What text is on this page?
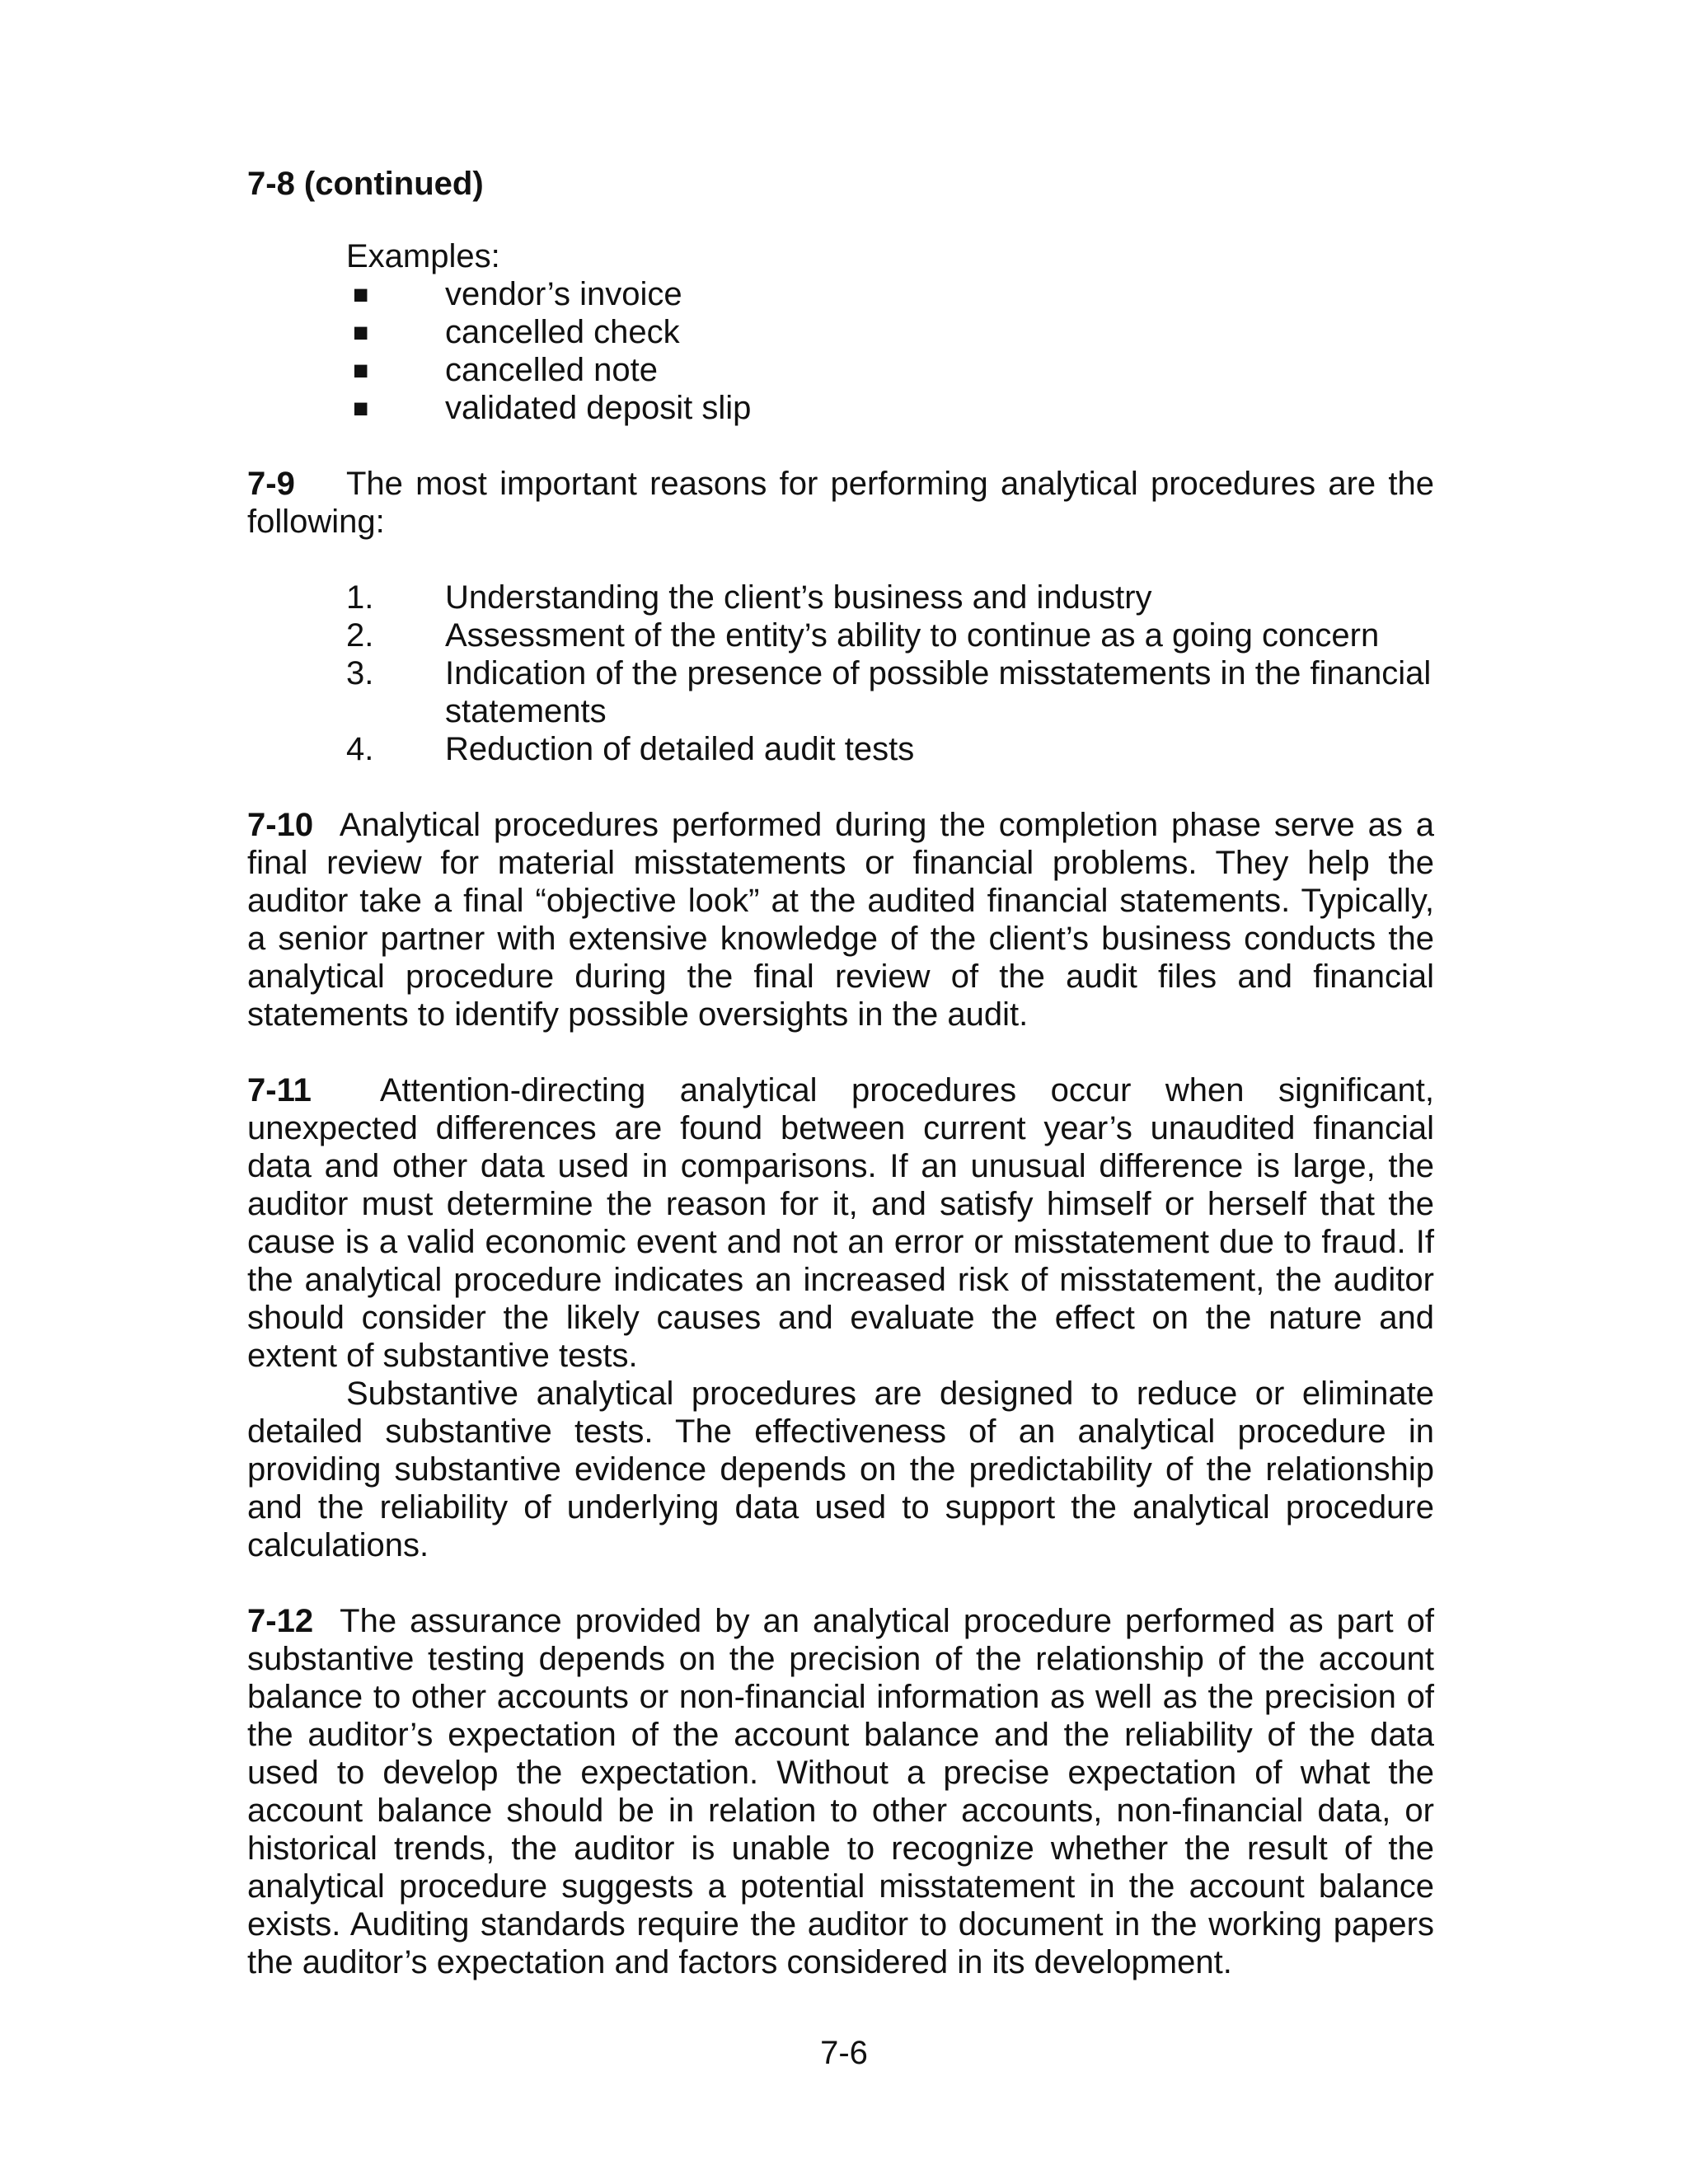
7-8 (continued)
Examples:
■ vendor’s invoice
■ cancelled check
■ cancelled note
■ validated deposit slip

7-9 The most important reasons for performing analytical procedures are the following:

1. Understanding the client’s business and industry
2. Assessment of the entity’s ability to continue as a going concern
3. Indication of the presence of possible misstatements in the financial statements
4. Reduction of detailed audit tests

7-10 Analytical procedures performed during the completion phase serve as a final review for material misstatements or financial problems. They help the auditor take a final “objective look” at the audited financial statements. Typically, a senior partner with extensive knowledge of the client’s business conducts the analytical procedure during the final review of the audit files and financial statements to identify possible oversights in the audit.

7-11 Attention-directing analytical procedures occur when significant, unexpected differences are found between current year’s unaudited financial data and other data used in comparisons. If an unusual difference is large, the auditor must determine the reason for it, and satisfy himself or herself that the cause is a valid economic event and not an error or misstatement due to fraud. If the analytical procedure indicates an increased risk of misstatement, the auditor should consider the likely causes and evaluate the effect on the nature and extent of substantive tests.

Substantive analytical procedures are designed to reduce or eliminate detailed substantive tests. The effectiveness of an analytical procedure in providing substantive evidence depends on the predictability of the relationship and the reliability of underlying data used to support the analytical procedure calculations.

7-12 The assurance provided by an analytical procedure performed as part of substantive testing depends on the precision of the relationship of the account balance to other accounts or non-financial information as well as the precision of the auditor’s expectation of the account balance and the reliability of the data used to develop the expectation. Without a precise expectation of what the account balance should be in relation to other accounts, non-financial data, or historical trends, the auditor is unable to recognize whether the result of the analytical procedure suggests a potential misstatement in the account balance exists. Auditing standards require the auditor to document in the working papers the auditor’s expectation and factors considered in its development.

7-6
